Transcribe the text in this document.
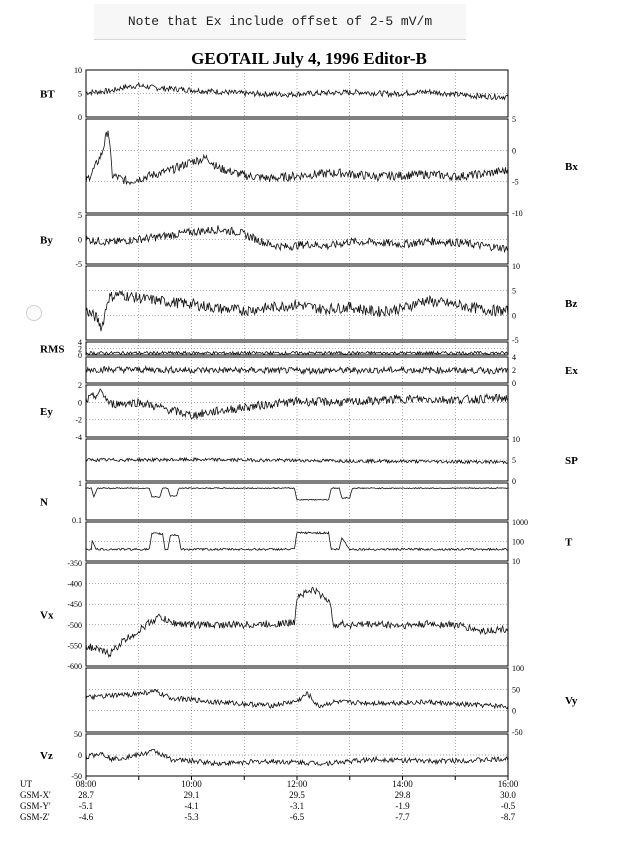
Note that Ex include offset of 2-5 mV/m
GEOTAIL July 4, 1996 Editor-B
10
5
0
BT
5
0
-5
-10
Bx
5
0
-5
By
10
5
0
-5
Bz
4
2
0
RMS
4
2
0
Ex
2
0
-2
-4
Ey
10
5
0
SP
1
0.1
N
1000
100
10
T
-350
-400
-450
-500
-550
-600
Vx
100
50
0
-50
Vy
50
0
-50
Vz
UT
GSM-X'
GSM-Y'
GSM-Z'
08:00
28.7
-5.1
-4.6
10:00
29.1
-4.1
-5.3
12:00
29.5
-3.1
-6.5
14:00
29.8
-1.9
-7.7
16:00
30.0
-0.5
-8.7
